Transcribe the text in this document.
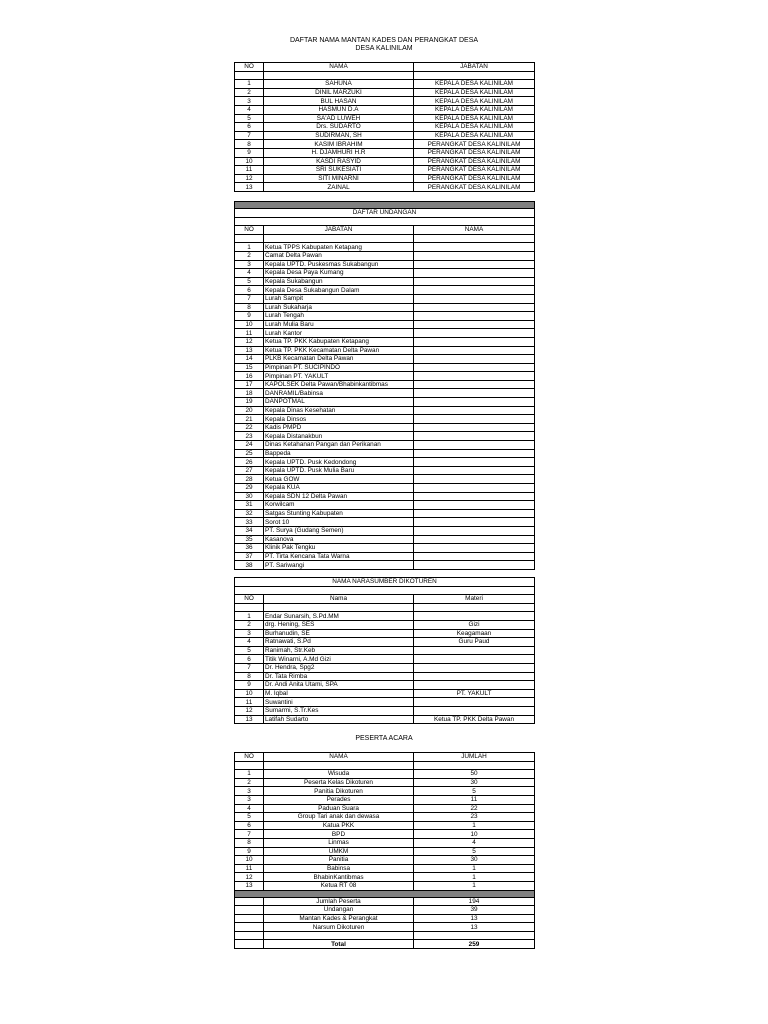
DAFTAR NAMA MANTAN KADES DAN PERANGKAT DESA
DESA KALINILAM
NO	NAMA	JABATAN

1	SAHUNA	KEPALA DESA KALINILAM
2	DINIL MARZUKI	KEPALA DESA KALINILAM
3	BUL HASAN	KEPALA DESA KALINILAM
4	HASMUN D.A	KEPALA DESA KALINILAM
5	SA'AD LUWEH	KEPALA DESA KALINILAM
6	Drs. SUDARTO	KEPALA DESA KALINILAM
7	SUDIRMAN, SH	KEPALA DESA KALINILAM
8	KASIM IBRAHIM	PERANGKAT DESA KALINILAM
9	H. DJAMHURI H.R	PERANGKAT DESA KALINILAM
10	KASDI RASYID	PERANGKAT DESA KALINILAM
11	SRI SUKESIATI	PERANGKAT DESA KALINILAM
12	SITI MINARNI	PERANGKAT DESA KALINILAM
13	ZAINAL	PERANGKAT DESA KALINILAM

DAFTAR UNDANGAN		

NO	JABATAN	NAMA

1	Ketua TPPS Kabupaten Ketapang	
2	Camat Delta Pawan	
3	Kepala UPTD. Puskesmas Sukabangun	
4	Kepala Desa Paya Kumang	
5	Kepala Sukabangun	
6	Kepala Desa Sukabangun Dalam	
7	Lurah Sampit	
8	Lurah Sukaharja	
9	Lurah Tengah	
10	Lurah Mulia Baru	
11	Lurah Kantor	
12	Ketua TP. PKK Kabupaten Ketapang	
13	Ketua TP. PKK Kecamatan Delta Pawan	
14	PLKB Kecamatan Delta Pawan	
15	Pimpinan PT. SUCIPINDO	
16	Pimpinan PT. YAKULT	
17	KAPOLSEK Delta Pawan/Bhabinkantibmas	
18	DANRAMIL/Babinsa	
19	DANPOTMAL	
20	Kepala Dinas Kesehatan	
21	Kepala Dinsos	
22	Kadis PMPD	
23	Kepala Distanakbun	
24	Dinas Ketahanan Pangan dan Perikanan	
25	Bappeda	
26	Kepala UPTD. Pusk Kedondong	
27	Kepala UPTD. Pusk Mulia Baru	
28	Ketua GOW	
29	Kepala KUA	
30	Kepala SDN 12 Delta Pawan	
31	Korwilcam	
32	Satgas Stunting Kabupaten	
33	Sorot 10	
34	PT. Surya (Gudang Semen)	
35	Kasanova	
36	Klinik Pak Tengku	
37	PT. Tirta Kencana Tata Warna	
38	PT. Sariwangi	
NAMA NARASUMBER DIKOTUREN		

NO	Nama	Materi

1	Endar Sunarsih, S.Pd.MM	
2	drg. Hening, SES	Gizi
3	Burhanudin, SE	Keagamaan
4	Ratnawati, S.Pd	Guru Paud
5	Ranimah, Str.Keb	
6	Titik Winarni, A.Md Gizi	
7	Dr. Hendra, Spg2	
8	Dr. Tata Rimba	
9	Dr. Andi Anita Utami, SPA	
10	M. Iqbal	PT. YAKULT
11	Suwantini	
12	Sumarmi, S.Tr.Kes	
13	Latifah Sudarto	Ketua TP. PKK Delta Pawan
PESERTA ACARA
NO	NAMA	JUMLAH

1	Wisuda	50
2	Peserta Kelas Dikoturen	30
3	Panitia Dikoturen	5
3	Perades	11
4	Paduan Suara	22
5	Group Tari anak dan dewasa	23
6	Katua PKK	1
7	BPD	10
8	Linmas	4
9	UMKM	5
10	Panitia	30
11	Babinsa	1
12	BhabinKantibmas	1
13	Ketua RT 08	1

	Jumlah Peserta	194
	Undangan	39
	Mantan Kades & Perangkat	13
	Narsum Dikoturen	13

	Total	259
